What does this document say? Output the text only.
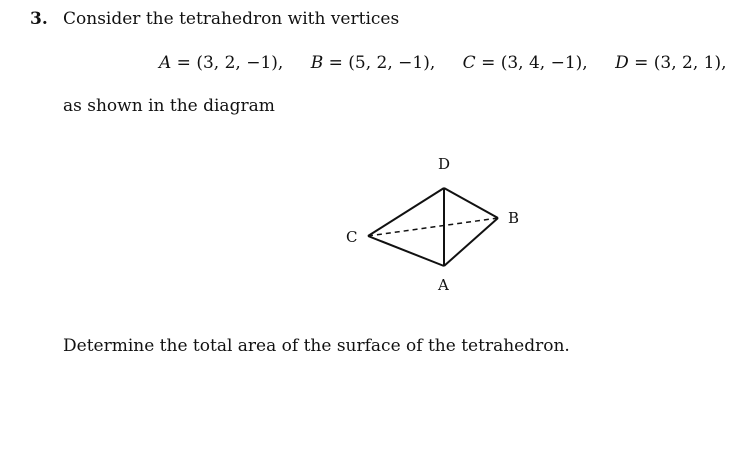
3. Consider the tetrahedron with vertices
A = (3, 2, −1), B = (5, 2, −1), C = (3, 4, −1), D = (3, 2, 1),
as shown in the diagram
D
B
C
A
Determine the total area of the surface of the tetrahedron.
